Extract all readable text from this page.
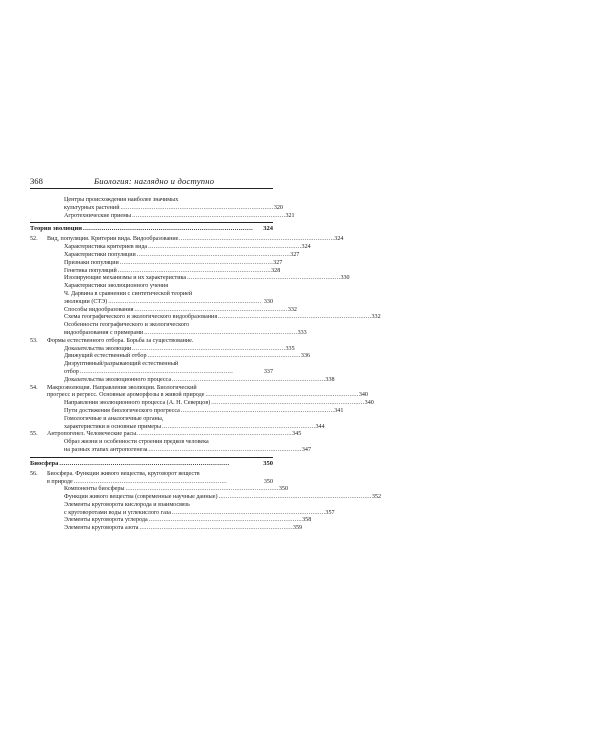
368	Биология: наглядно и доступно
Центры происхождения наиболее значимых
культурных растений . . .	320
Агротехнические приемы . . .	321
Теория эволюции . . .	324
52.	Вид, популяция. Критерии вида. Видообразование. . . .	324
Характеристика критериев вида . . .	324
Характеристики популяции . . .	327
Признаки популяции . . .	327
Генетика популяций . . .	328
Изолирующие механизмы и их характеристика . . .	330
Характеристики эволюционного учения
Ч. Дарвина в сравнении с синтетической теорией
эволюции (СТЭ) . . .	330
Способы видообразования . . .	332
Схема географического и экологического видообразования . . .	332
Особенности географического и экологического
видообразования с примерами . . .	333
53.	Формы естественного отбора. Борьба за существование.
Доказательства эволюции . . .	335
Движущий естественный отбор . . .	336
Дизруптивный/разрывающий естественный
отбор . . .	337
Доказательства эволюционного процесса . . .	338
54.	Макроэволюция. Направления эволюции. Биологический
прогресс и регресс. Основные ароморфозы в живой природе . . .	340
Направления эволюционного процесса (А. Н. Северцов) . . .	340
Пути достижения биологического прогресса . . .	341
Гомологичные и аналогичные органы,
характеристики и основные примеры . . .	344
55.	Антропогенез. Человеческие расы. . . .	345
Образ жизни и особенности строения предков человека
на разных этапах антропогенеза . . .	347
Биосфера . . .	350
56.	Биосфера. Функции живого вещества, круговорот веществ
в природе . . .	350
Компоненты биосферы . . .	350
Функции живого вещества (современные научные данные) . . .	352
Элементы круговорота кислорода и взаимосвязь
с круговоротами воды и углекислого газа . . .	357
Элементы круговорота углерода . . .	358
Элементы круговорота азота . . .	359
